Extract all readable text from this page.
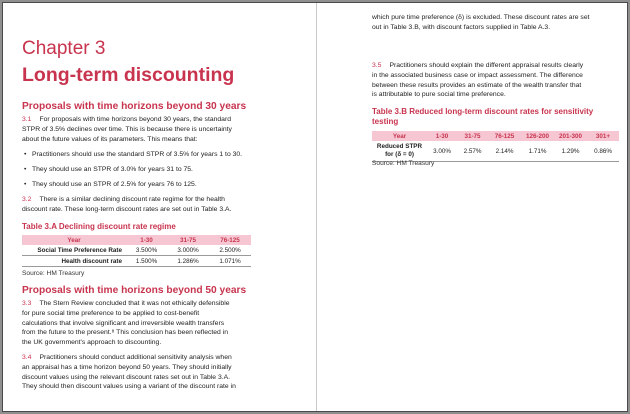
Chapter 3
Long-term discounting
Proposals with time horizons beyond 30 years
3.1 For proposals with time horizons beyond 30 years, the standard
STPR of 3.5% declines over time. This is because there is uncertainty
about the future values of its parameters. This means that:
• Practitioners should use the standard STPR of 3.5% for years 1 to 30.
• They should use an STPR of 3.0% for years 31 to 75.
• They should use an STPR of 2.5% for years 76 to 125.
3.2 There is a similar declining discount rate regime for the health
discount rate. These long-term discount rates are set out in Table 3.A.
Table 3.A Declining discount rate regime
Year	1-30	31-75	76-125
Social Time Preference Rate	3.500%	3.000%	2.500%
Health discount rate	1.500%	1.286%	1.071%
Source: HM Treasury
Proposals with time horizons beyond 50 years
3.3 The Stern Review concluded that it was not ethically defensible
for pure social time preference to be applied to cost-benefit
calculations that involve significant and irreversible wealth transfers
from the future to the present.⁸ This conclusion has been reflected in
the UK government's approach to discounting.
3.4 Practitioners should conduct additional sensitivity analysis when
an appraisal has a time horizon beyond 50 years. They should initially
discount values using the relevant discount rates set out in Table 3.A.
They should then discount values using a variant of the discount rate in
which pure time preference (δ) is excluded. These discount rates are set
out in Table 3.B, with discount factors supplied in Table A.3.
3.5 Practitioners should explain the different appraisal results clearly
in the associated business case or impact assessment. The difference
between these results provides an estimate of the wealth transfer that
is attributable to pure social time preference.
Table 3.B Reduced long-term discount rates for sensitivity
testing
Year	1-30	31-75	76-125	126-200	201-300	301+

Reduced STPR
for (δ = 0)	3.00%	2.57%	2.14%	1.71%	1.29%	0.86%
Source: HM Treasury
